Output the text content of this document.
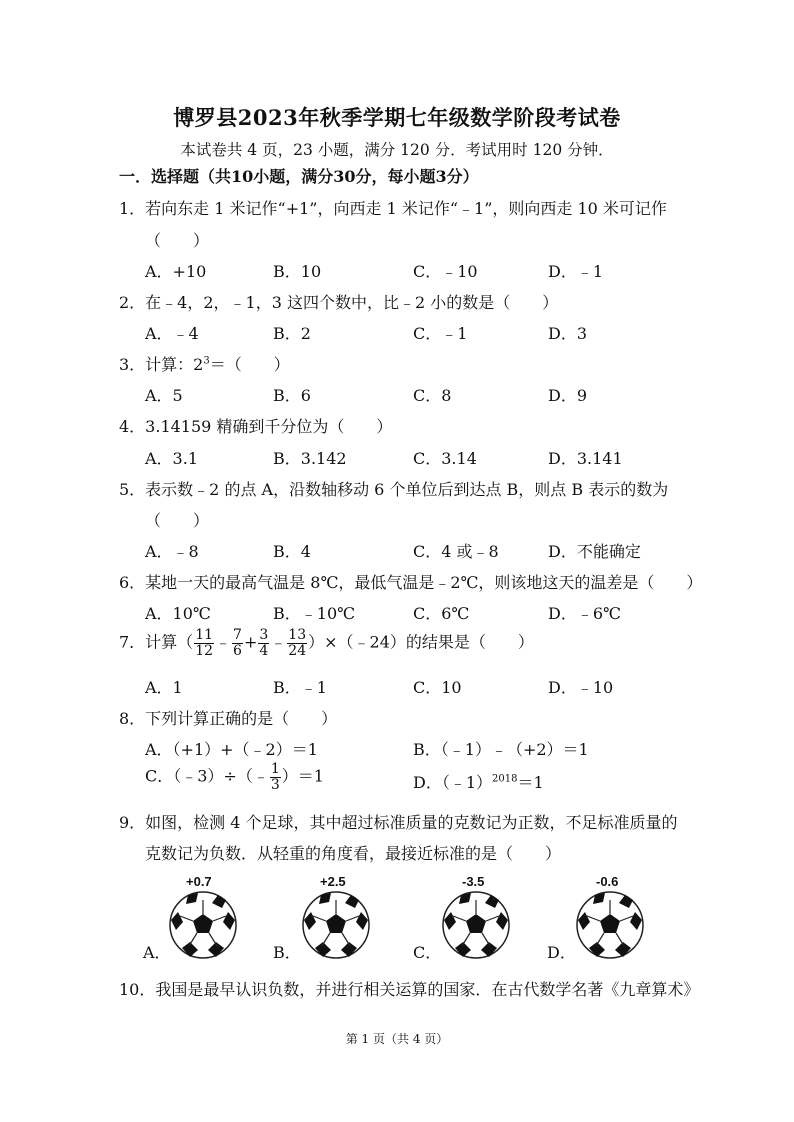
博罗县2023年秋季学期七年级数学阶段考试卷
本试卷共 4 页，23 小题，满分 120 分．考试用时 120 分钟．
一．选择题（共10小题，满分30分，每小题3分）
1．若向东走 1 米记作“+1”，向西走 1 米记作“﹣1”，则向西走 10 米可记作
（　　）
A．+10	B．10	C．﹣10	D．﹣1
2．在﹣4，2，﹣1，3 这四个数中，比﹣2 小的数是（　　）
A．﹣4	B．2	C．﹣1	D．3
3．计算：$2^3=$（　　）
A．5	B．6	C．8	D．9
4．3.14159 精确到千分位为（　　）
A．3.1	B．3.142	C．3.14	D．3.141
5．表示数﹣2 的点 A，沿数轴移动 6 个单位后到达点 B，则点 B 表示的数为
（　　）
A．﹣8	B．4	C．4 或﹣8	D．不能确定
6．某地一天的最高气温是 8℃，最低气温是﹣2℃，则该地这天的温差是（　　）
A．10℃	B．﹣10℃	C．6℃	D．﹣6℃
7．计算（ $\frac{11}{12}$ ﹣ $\frac{7}{6} + \frac{3}{4}$ ﹣ $\frac{13}{24}$ ）×（﹣24）的结果是（　　）
A．1	B．﹣1	C．10	D．﹣10
8．下列计算正确的是（　　）
A．（+1）+（﹣2）＝1	B．（﹣1）﹣（+2）＝1
C．（﹣3）÷（﹣ $\frac{1}{3} )=1$	D．（﹣1）$^{2018}$＝1
9．如图，检测 4 个足球，其中超过标准质量的克数记为正数，不足标准质量的
克数记为负数．从轻重的角度看，最接近标准的是（　　）
+0.7	+2.5	-3.5	-0.6
A．	B．	C．	D．
10．我国是最早认识负数，并进行相关运算的国家．在古代数学名著《九章算术》
第 1 页（共 4 页）
